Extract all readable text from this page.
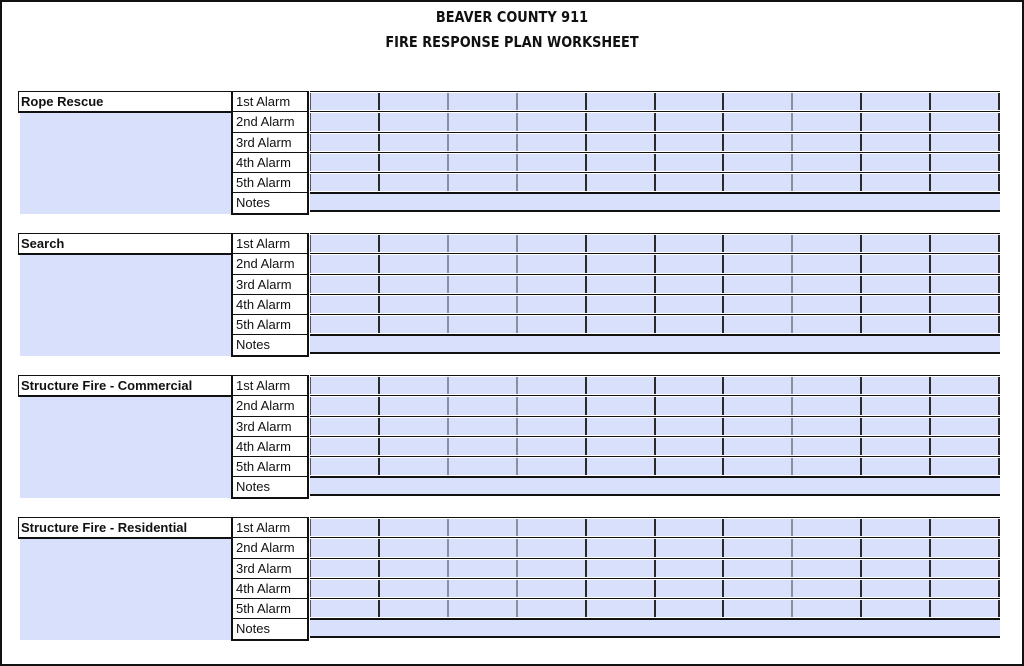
BEAVER COUNTY 911
FIRE RESPONSE PLAN WORKSHEET
Rope Rescue	1st Alarm
2nd Alarm
3rd Alarm
4th Alarm
5th Alarm
Notes
Search	1st Alarm
2nd Alarm
3rd Alarm
4th Alarm
5th Alarm
Notes
Structure Fire - Commercial	1st Alarm
2nd Alarm
3rd Alarm
4th Alarm
5th Alarm
Notes
Structure Fire - Residential	1st Alarm
2nd Alarm
3rd Alarm
4th Alarm
5th Alarm
Notes
